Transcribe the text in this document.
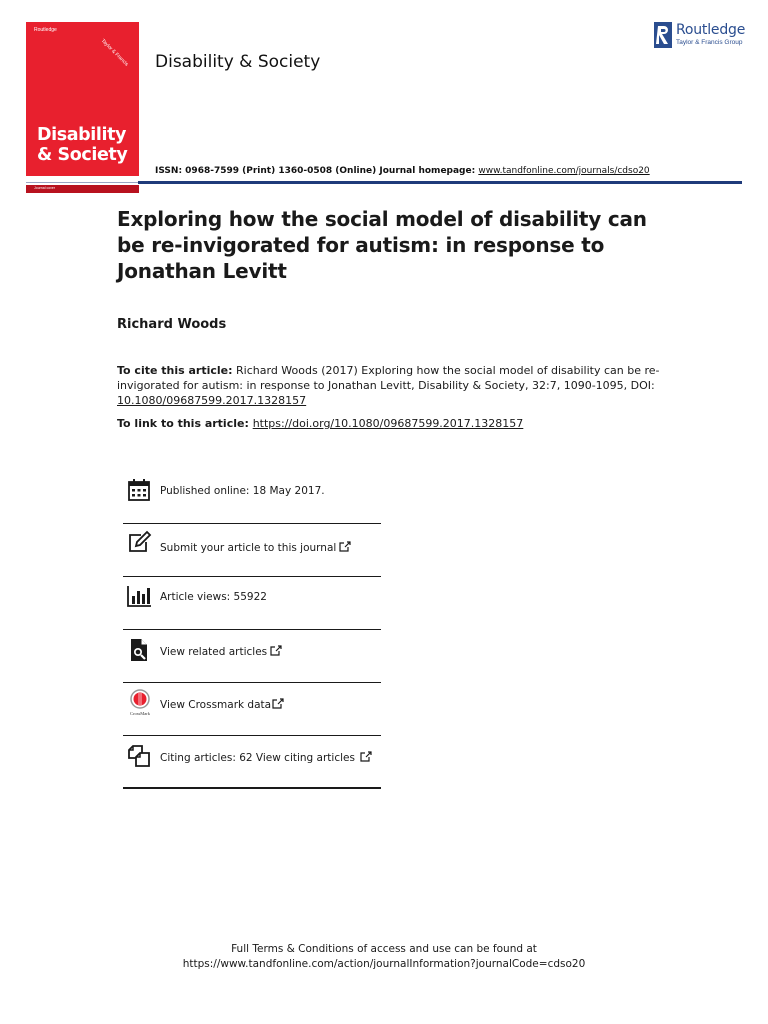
Routledge
Taylor & Francis
Disability
& Society
Journal cover
Disability & Society
Routledge
Taylor & Francis Group
ISSN: 0968-7599 (Print) 1360-0508 (Online) Journal homepage: www.tandfonline.com/journals/cdso20
Exploring how the social model of disability can be re-invigorated for autism: in response to Jonathan Levitt
Richard Woods
To cite this article: Richard Woods (2017) Exploring how the social model of disability can be re-invigorated for autism: in response to Jonathan Levitt, Disability & Society, 32:7, 1090-1095, DOI: 10.1080/09687599.2017.1328157
To link to this article: https://doi.org/10.1080/09687599.2017.1328157
Published online: 18 May 2017.
Submit your article to this journal
Article views: 55922
View related articles
CrossMark
View Crossmark data
Citing articles: 62 View citing articles
Full Terms & Conditions of access and use can be found at
https://www.tandfonline.com/action/journalInformation?journalCode=cdso20
